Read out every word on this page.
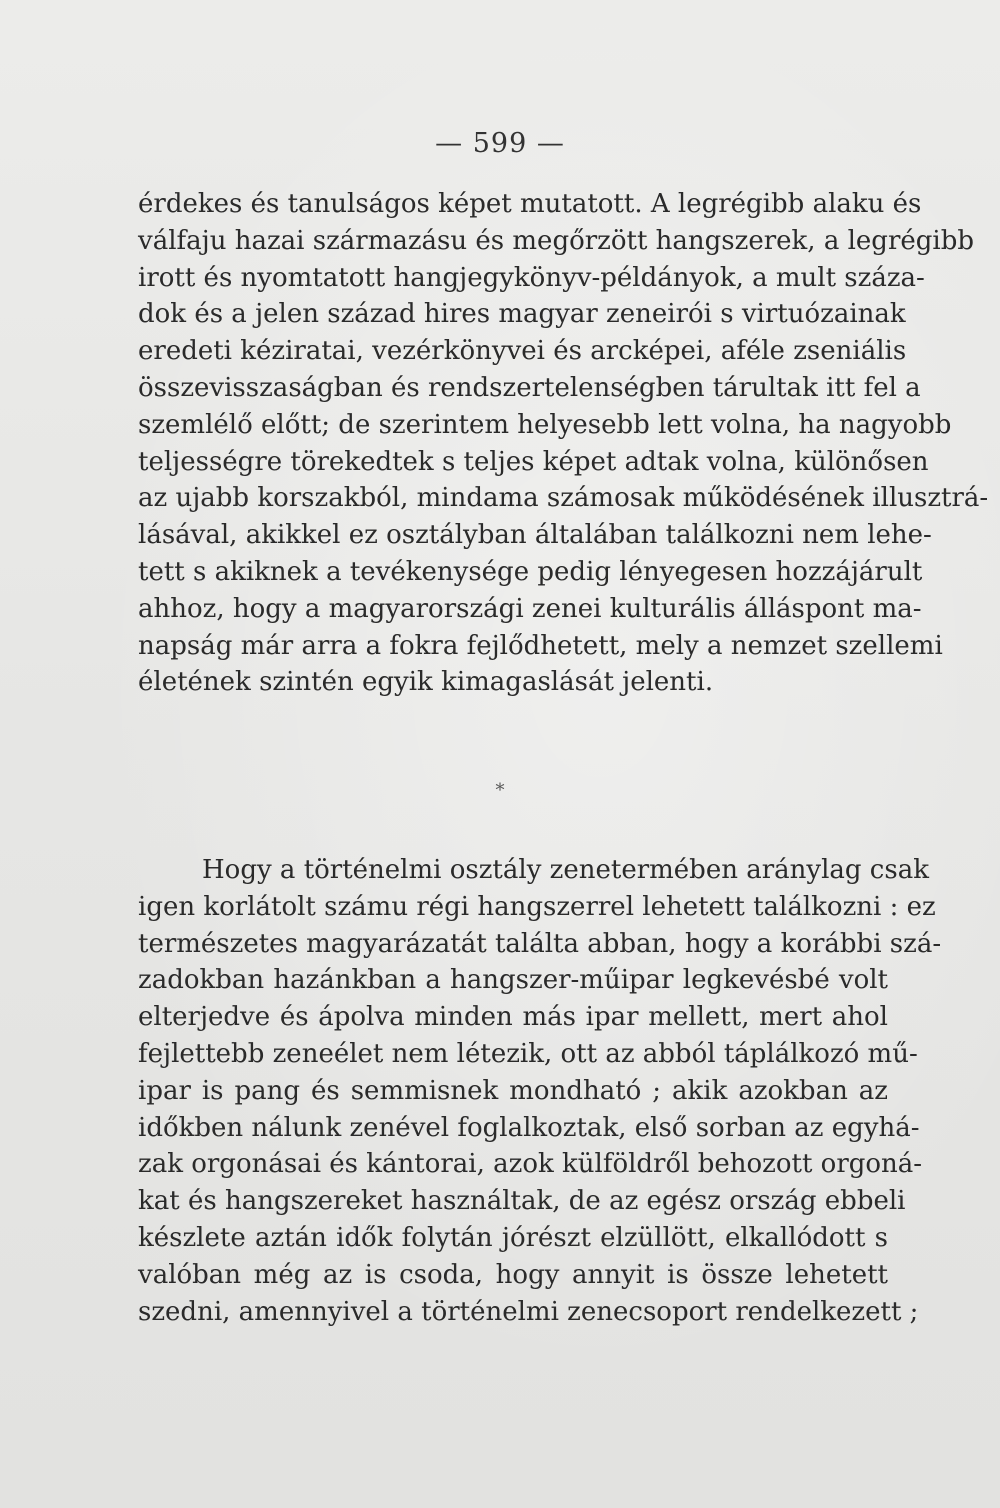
— 599 —
érdekes és tanulságos képet mutatott. A legrégibb alaku és
válfaju hazai származásu és megőrzött hangszerek, a legrégibb
irott és nyomtatott hangjegykönyv-példányok, a mult száza-
dok és a jelen század hires magyar zeneirói s virtuózainak
eredeti kéziratai, vezérkönyvei és arcképei, aféle zseniális
összevisszaságban és rendszertelenségben tárultak itt fel a
szemlélő előtt; de szerintem helyesebb lett volna, ha nagyobb
teljességre törekedtek s teljes képet adtak volna, különősen
az ujabb korszakból, mindama számosak működésének illusztrá-
lásával, akikkel ez osztályban általában találkozni nem lehe-
tett s akiknek a tevékenysége pedig lényegesen hozzájárult
ahhoz, hogy a magyarországi zenei kulturális álláspont ma-
napság már arra a fokra fejlődhetett, mely a nemzet szellemi
életének szintén egyik kimagaslását jelenti.
*
Hogy a történelmi osztály zenetermében aránylag csak
igen korlátolt számu régi hangszerrel lehetett találkozni : ez
természetes magyarázatát találta abban, hogy a korábbi szá-
zadokban hazánkban a hangszer-műipar legkevésbé volt
elterjedve és ápolva minden más ipar mellett, mert ahol
fejlettebb zeneélet nem létezik, ott az abból táplálkozó mű-
ipar is pang és semmisnek mondható ; akik azokban az
időkben nálunk zenével foglalkoztak, első sorban az egyhá-
zak orgonásai és kántorai, azok külföldről behozott orgoná-
kat és hangszereket használtak, de az egész ország ebbeli
készlete aztán idők folytán jórészt elzüllött, elkallódott s
valóban még az is csoda, hogy annyit is össze lehetett
szedni, amennyivel a történelmi zenecsoport rendelkezett ;
